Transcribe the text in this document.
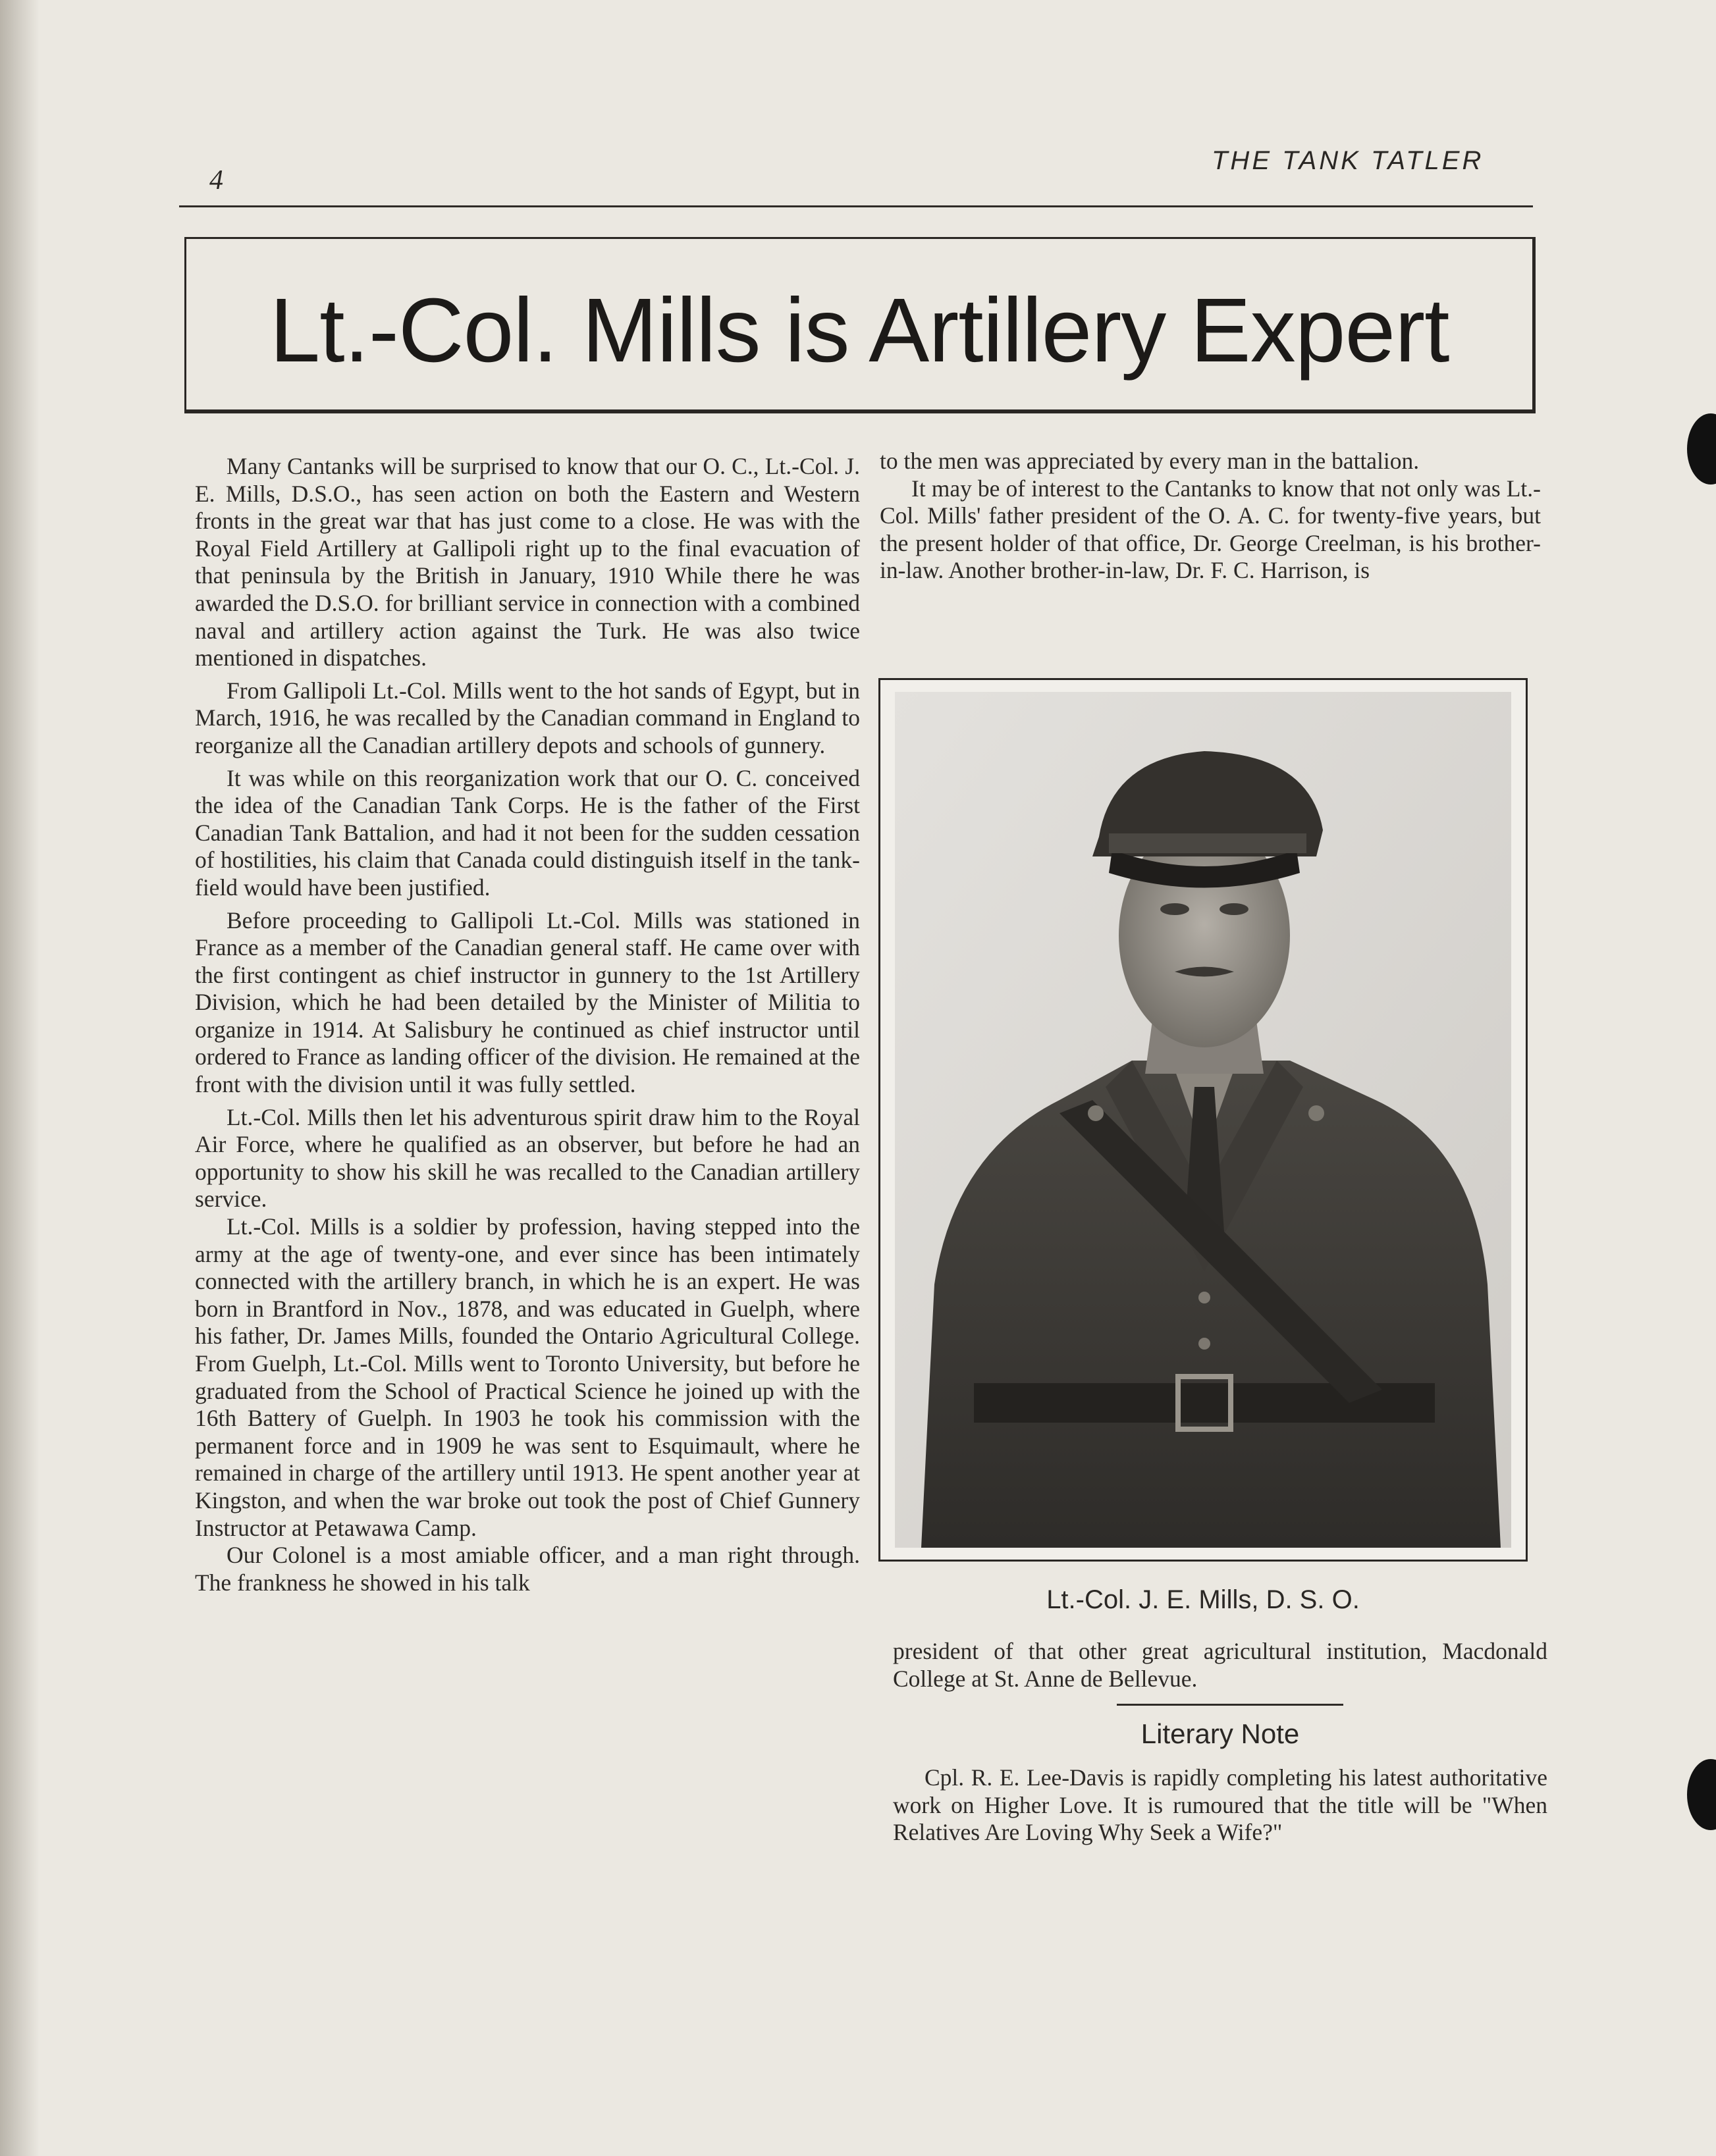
4
THE TANK TATLER
Lt.-Col. Mills is Artillery Expert

Many Cantanks will be surprised to know that our O. C., Lt.-Col. J. E. Mills, D.S.O., has seen action on both the Eastern and Western fronts in the great war that has just come to a close. He was with the Royal Field Artillery at Gallipoli right up to the final evacuation of that peninsula by the British in January, 1910 While there he was awarded the D.S.O. for brilliant service in connection with a combined naval and artillery action against the Turk. He was also twice mentioned in dispatches.

From Gallipoli Lt.-Col. Mills went to the hot sands of Egypt, but in March, 1916, he was recalled by the Canadian command in England to reorganize all the Canadian artillery depots and schools of gunnery.

It was while on this reorganization work that our O. C. conceived the idea of the Canadian Tank Corps. He is the father of the First Canadian Tank Battalion, and had it not been for the sudden cessation of hostilities, his claim that Canada could distinguish itself in the tank-field would have been justified.

Before proceeding to Gallipoli Lt.-Col. Mills was stationed in France as a member of the Canadian general staff. He came over with the first contingent as chief instructor in gunnery to the 1st Artillery Division, which he had been detailed by the Minister of Militia to organize in 1914. At Salisbury he continued as chief instructor until ordered to France as landing officer of the division. He remained at the front with the division until it was fully settled.

Lt.-Col. Mills then let his adventurous spirit draw him to the Royal Air Force, where he qualified as an observer, but before he had an opportunity to show his skill he was recalled to the Canadian artillery service.

Lt.-Col. Mills is a soldier by profession, having stepped into the army at the age of twenty-one, and ever since has been intimately connected with the artillery branch, in which he is an expert. He was born in Brantford in Nov., 1878, and was educated in Guelph, where his father, Dr. James Mills, founded the Ontario Agricultural College. From Guelph, Lt.-Col. Mills went to Toronto University, but before he graduated from the School of Practical Science he joined up with the 16th Battery of Guelph. In 1903 he took his commission with the permanent force and in 1909 he was sent to Esquimault, where he remained in charge of the artillery until 1913. He spent another year at Kingston, and when the war broke out took the post of Chief Gunnery Instructor at Petawawa Camp.

Our Colonel is a most amiable officer, and a man right through. The frankness he showed in his talk

to the men was appreciated by every man in the battalion.

It may be of interest to the Cantanks to know that not only was Lt.-Col. Mills' father president of the O. A. C. for twenty-five years, but the present holder of that office, Dr. George Creelman, is his brother-in-law. Another brother-in-law, Dr. F. C. Harrison, is

Lt.-Col. J. E. Mills, D. S. O.

president of that other great agricultural institution, Macdonald College at St. Anne de Bellevue.

Literary Note

Cpl. R. E. Lee-Davis is rapidly completing his latest authoritative work on Higher Love. It is rumoured that the title will be "When Relatives Are Loving Why Seek a Wife?"
